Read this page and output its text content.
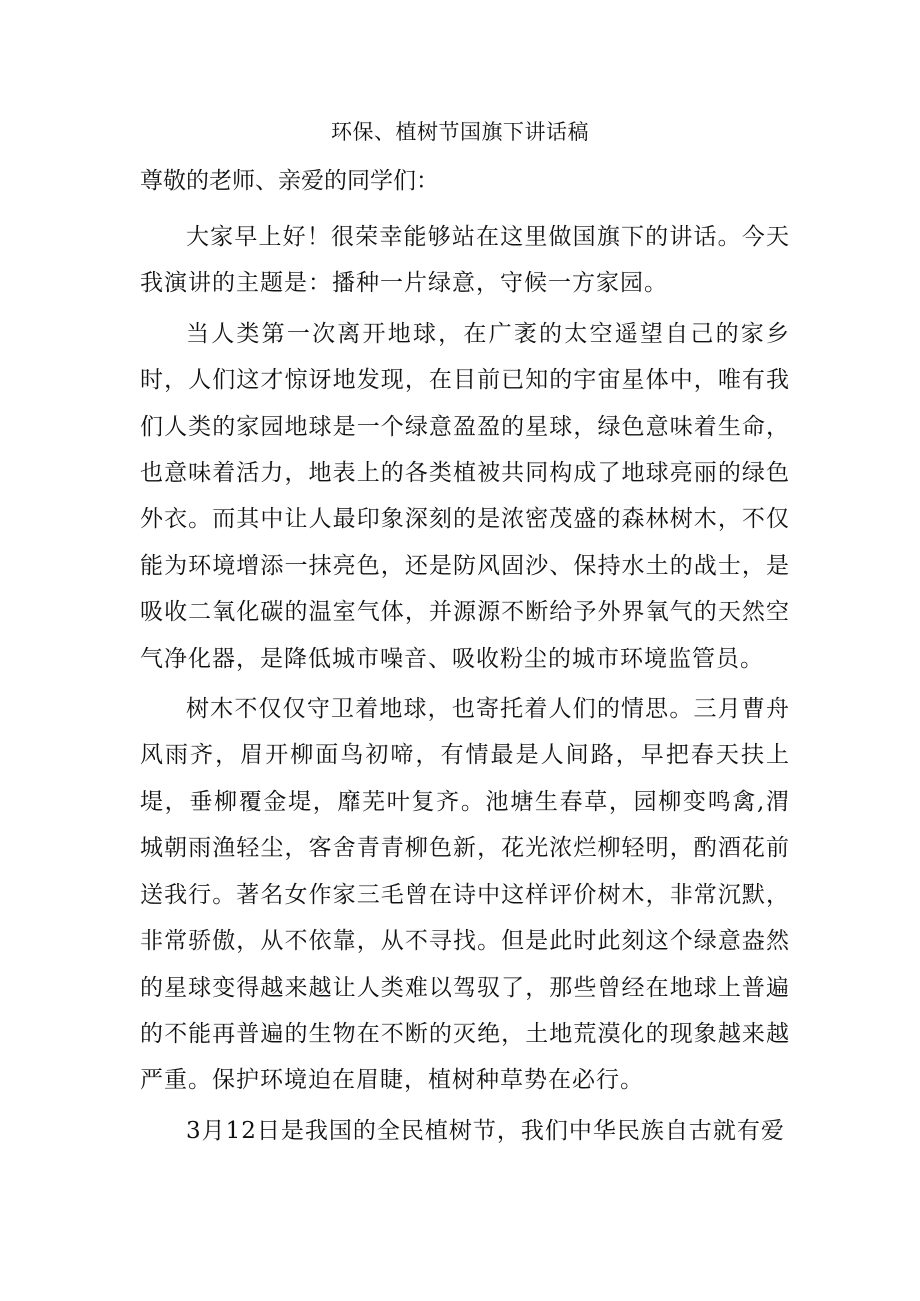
环保、植树节国旗下讲话稿

尊敬的老师、亲爱的同学们：

大家早上好！很荣幸能够站在这里做国旗下的讲话。今天我演讲的主题是：播种一片绿意，守候一方家园。

当人类第一次离开地球，在广袤的太空遥望自己的家乡时，人们这才惊讶地发现，在目前已知的宇宙星体中，唯有我们人类的家园地球是一个绿意盈盈的星球，绿色意味着生命，也意味着活力，地表上的各类植被共同构成了地球亮丽的绿色外衣。而其中让人最印象深刻的是浓密茂盛的森林树木，不仅能为环境增添一抹亮色，还是防风固沙、保持水土的战士，是吸收二氧化碳的温室气体，并源源不断给予外界氧气的天然空气净化器，是降低城市噪音、吸收粉尘的城市环境监管员。

树木不仅仅守卫着地球，也寄托着人们的情思。三月曹舟风雨齐，眉开柳面鸟初啼，有情最是人间路，早把春天扶上堤，垂柳覆金堤，靡芜叶复齐。池塘生春草，园柳变鸣禽,渭城朝雨渔轻尘，客舍青青柳色新，花光浓烂柳轻明，酌酒花前送我行。著名女作家三毛曾在诗中这样评价树木，非常沉默，非常骄傲，从不依靠，从不寻找。但是此时此刻这个绿意盎然的星球变得越来越让人类难以驾驭了，那些曾经在地球上普遍的不能再普遍的生物在不断的灭绝，土地荒漠化的现象越来越严重。保护环境迫在眉睫，植树种草势在必行。

3月12日是我国的全民植树节，我们中华民族自古就有爱
